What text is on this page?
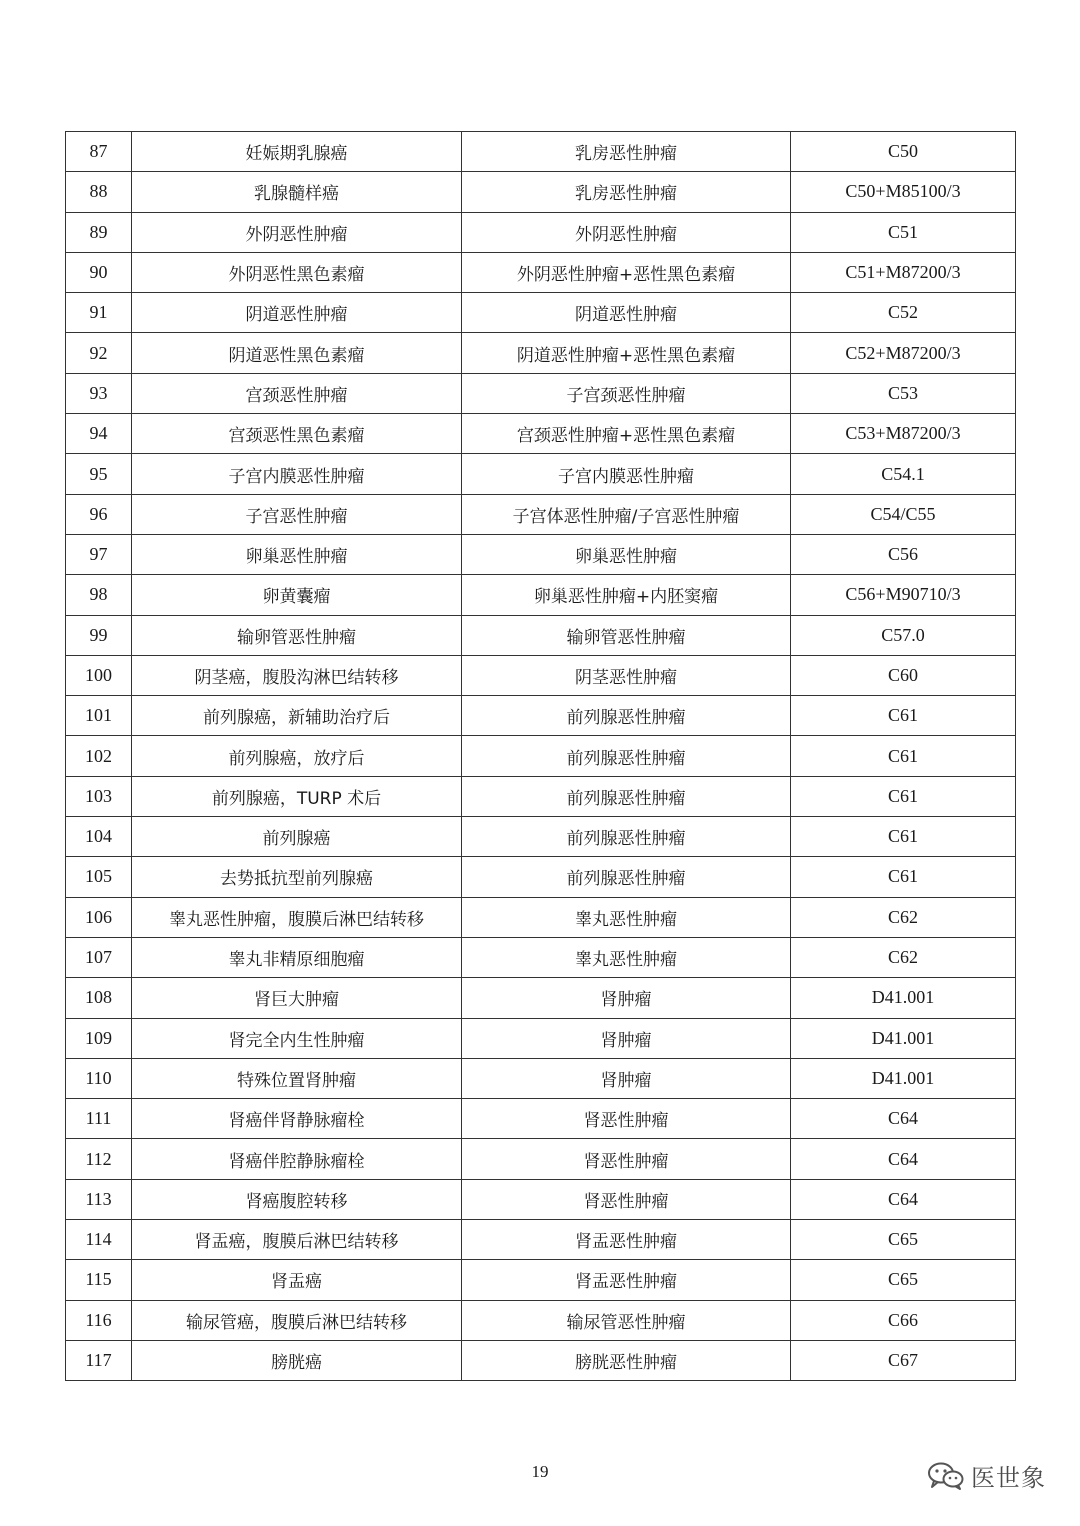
87	妊娠期乳腺癌	乳房恶性肿瘤	C50
88	乳腺髓样癌	乳房恶性肿瘤	C50+M85100/3
89	外阴恶性肿瘤	外阴恶性肿瘤	C51
90	外阴恶性黑色素瘤	外阴恶性肿瘤+恶性黑色素瘤	C51+M87200/3
91	阴道恶性肿瘤	阴道恶性肿瘤	C52
92	阴道恶性黑色素瘤	阴道恶性肿瘤+恶性黑色素瘤	C52+M87200/3
93	宫颈恶性肿瘤	子宫颈恶性肿瘤	C53
94	宫颈恶性黑色素瘤	宫颈恶性肿瘤+恶性黑色素瘤	C53+M87200/3
95	子宫内膜恶性肿瘤	子宫内膜恶性肿瘤	C54.1
96	子宫恶性肿瘤	子宫体恶性肿瘤/子宫恶性肿瘤	C54/C55
97	卵巢恶性肿瘤	卵巢恶性肿瘤	C56
98	卵黄囊瘤	卵巢恶性肿瘤+内胚窦瘤	C56+M90710/3
99	输卵管恶性肿瘤	输卵管恶性肿瘤	C57.0
100	阴茎癌，腹股沟淋巴结转移	阴茎恶性肿瘤	C60
101	前列腺癌，新辅助治疗后	前列腺恶性肿瘤	C61
102	前列腺癌，放疗后	前列腺恶性肿瘤	C61
103	前列腺癌，TURP 术后	前列腺恶性肿瘤	C61
104	前列腺癌	前列腺恶性肿瘤	C61
105	去势抵抗型前列腺癌	前列腺恶性肿瘤	C61
106	睾丸恶性肿瘤，腹膜后淋巴结转移	睾丸恶性肿瘤	C62
107	睾丸非精原细胞瘤	睾丸恶性肿瘤	C62
108	肾巨大肿瘤	肾肿瘤	D41.001
109	肾完全内生性肿瘤	肾肿瘤	D41.001
110	特殊位置肾肿瘤	肾肿瘤	D41.001
111	肾癌伴肾静脉瘤栓	肾恶性肿瘤	C64
112	肾癌伴腔静脉瘤栓	肾恶性肿瘤	C64
113	肾癌腹腔转移	肾恶性肿瘤	C64
114	肾盂癌，腹膜后淋巴结转移	肾盂恶性肿瘤	C65
115	肾盂癌	肾盂恶性肿瘤	C65
116	输尿管癌，腹膜后淋巴结转移	输尿管恶性肿瘤	C66
117	膀胱癌	膀胱恶性肿瘤	C67
19	医世象
